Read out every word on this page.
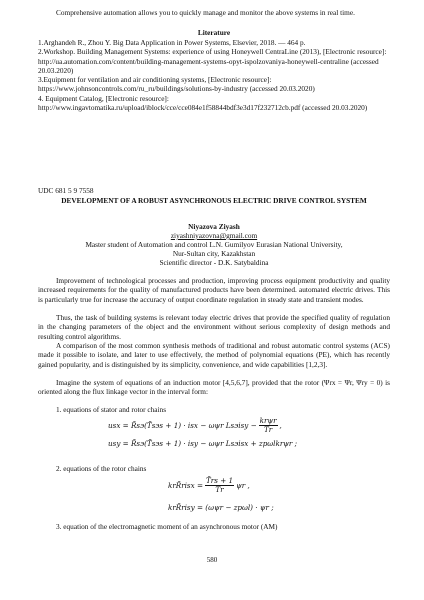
Comprehensive automation allows you to quickly manage and monitor the above systems in real time.

Literature

1.Arghandeh R., Zhou Y. Big Data Application in Power Systems, Elsevier, 2018. — 464 p.
2.Workshop. Building Management Systems: experience of using Honeywell CentraLine (2013), [Electronic resource]: http://ua.automation.com/content/building-management-systems-opyt-ispolzovaniya-honeywell-centraline (accessed 20.03.2020)
3.Equipment for ventilation and air conditioning systems, [Electronic resource]: https://www.johnsoncontrols.com/ru_ru/buildings/solutions-by-industry (accessed 20.03.2020)
4. Equipment Catalog, [Electronic resource]: http://www.ingavtomatika.ru/upload/iblock/cce/cce084e1f58844bdf3e3d17f232712cb.pdf (accessed 20.03.2020)

UDC 681 5 9 7558

DEVELOPMENT OF A ROBUST ASYNCHRONOUS ELECTRIC DRIVE CONTROL SYSTEM

Niyazova Ziyash

ziyashniyazovna@gmail.com

Master student of Automation and control L.N. Gumilyov Eurasian National University,

Nur-Sultan city, Kazakhstan

Scientific director - D.K. Satybaldina

Improvement of technological processes and production, improving process equipment productivity and quality increased requirements for the quality of manufactured products have been determined. automated electric drives. This is particularly true for increase the accuracy of output coordinate regulation in steady state and transient modes.

Thus, the task of building systems is relevant today electric drives that provide the specified quality of regulation in the changing parameters of the object and the environment without serious complexity of design methods and resulting control algorithms.

A comparison of the most common synthesis methods of traditional and robust automatic control systems (ACS) made it possible to isolate, and later to use effectively, the method of polynomial equations (PE), which has recently gained popularity, and is distinguished by its simplicity, convenience, and wide capabilities [1,2,3].

Imagine the system of equations of an induction motor [4,5,6,7], provided that the rotor (Ψrx = Ψr, Ψry = 0) is oriented along the flux linkage vector in the interval form:

1. equations of stator and rotor chains
usx =
R̃sэ(T̃sэs + 1) · isx − ωψr Lsэisy − $\frac{\text{krψr}}{T̃r}$ ,
usy =
R̃sэ(T̃sэs + 1) · isy − ωψr Lsэisx + zpωlkrψr ;
2. equations of the rotor chains
krR̃risx = $\frac{T̃rs + 1}{T̃r}$ ψr ,
krR̃risy =
(ωψr − zpωl) · ψr ;
3. equation of the electromagnetic moment of an asynchronous motor (AM)
580
